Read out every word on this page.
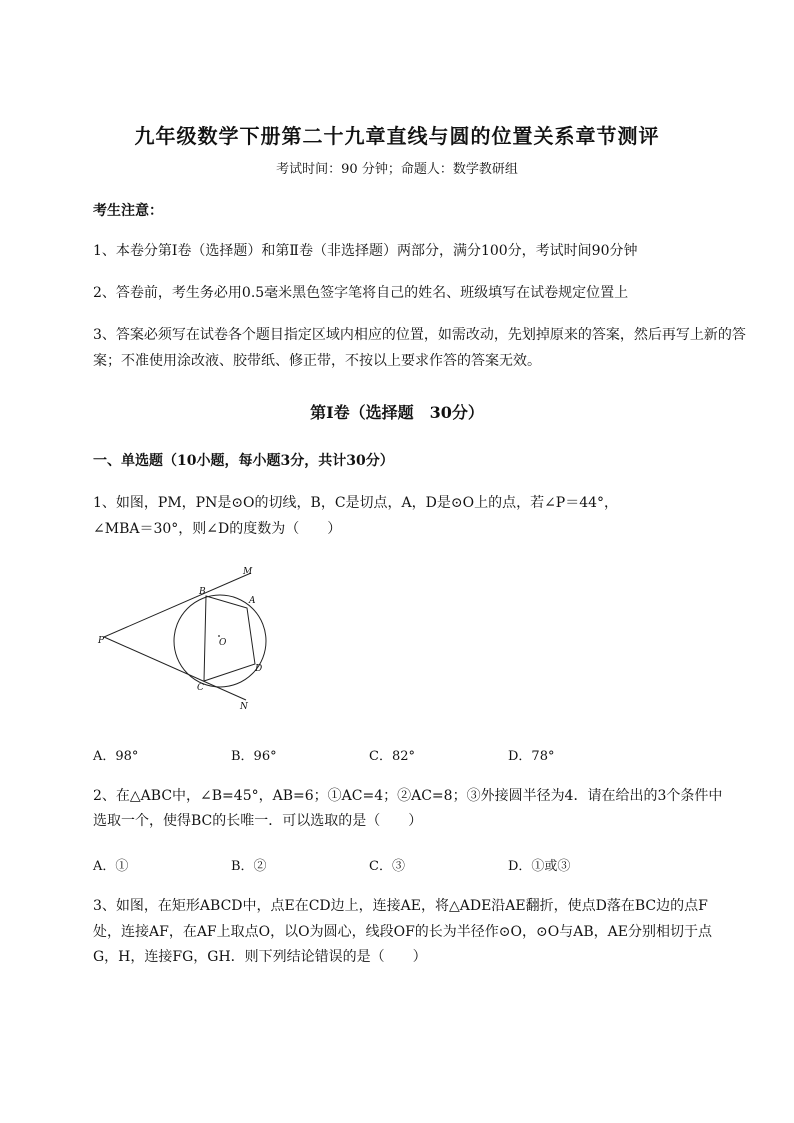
九年级数学下册第二十九章直线与圆的位置关系章节测评
考试时间：90 分钟；命题人：数学教研组
考生注意：
1、本卷分第Ⅰ卷（选择题）和第Ⅱ卷（非选择题）两部分，满分100分，考试时间90分钟
2、答卷前，考生务必用0.5毫米黑色签字笔将自己的姓名、班级填写在试卷规定位置上
3、答案必须写在试卷各个题目指定区域内相应的位置，如需改动，先划掉原来的答案，然后再写上新的答案；不准使用涂改液、胶带纸、修正带，不按以上要求作答的答案无效。
第Ⅰ卷（选择题　30分）
一、单选题（10小题，每小题3分，共计30分）
1、如图，PM，PN是⊙O的切线，B，C是切点，A，D是⊙O上的点，若∠P＝44°，
∠MBA＝30°，则∠D的度数为（　　）
M
B
A
P	O
D
C
N
A．98°	B．96°	C．82°	D．78°
2、在△ABC中，∠B=45°，AB=6；①AC=4；②AC=8；③外接圆半径为4．请在给出的3个条件中
选取一个，使得BC的长唯一．可以选取的是（　　）
A．①	B．②	C．③	D．①或③
3、如图，在矩形ABCD中，点E在CD边上，连接AE，将△ADE沿AE翻折，使点D落在BC边的点F
处，连接AF，在AF上取点O，以O为圆心，线段OF的长为半径作⊙O，⊙O与AB，AE分别相切于点
G，H，连接FG，GH．则下列结论错误的是（　　）
